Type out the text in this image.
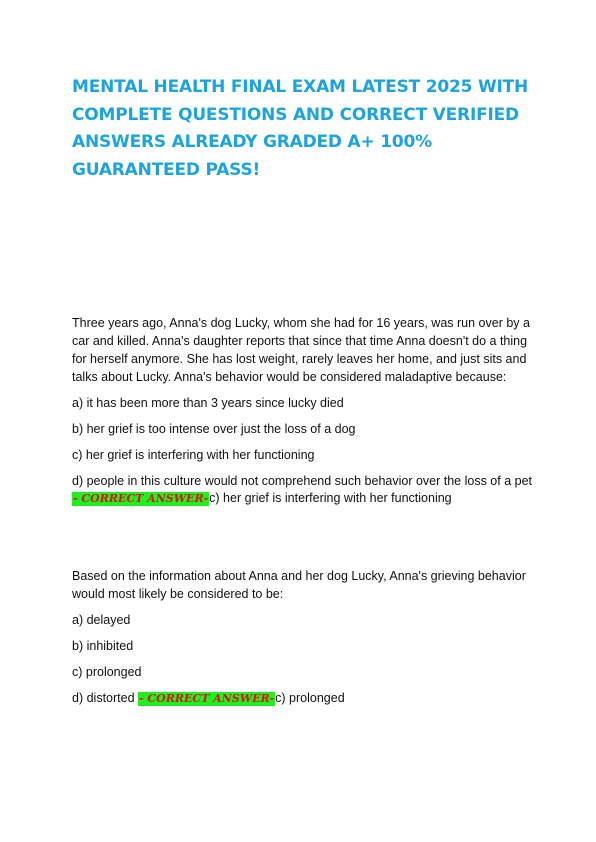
MENTAL HEALTH FINAL EXAM LATEST 2025 WITH COMPLETE QUESTIONS AND CORRECT VERIFIED ANSWERS ALREADY GRADED A+ 100% GUARANTEED PASS!

Three years ago, Anna's dog Lucky, whom she had for 16 years, was run over by a car and killed. Anna's daughter reports that since that time Anna doesn't do a thing for herself anymore. She has lost weight, rarely leaves her home, and just sits and talks about Lucky. Anna's behavior would be considered maladaptive because:

a) it has been more than 3 years since lucky died

b) her grief is too intense over just the loss of a dog

c) her grief is interfering with her functioning

d) people in this culture would not comprehend such behavior over the loss of a pet - CORRECT ANSWER-c) her grief is interfering with her functioning

Based on the information about Anna and her dog Lucky, Anna's grieving behavior would most likely be considered to be:

a) delayed

b) inhibited

c) prolonged

d) distorted - CORRECT ANSWER-c) prolonged
